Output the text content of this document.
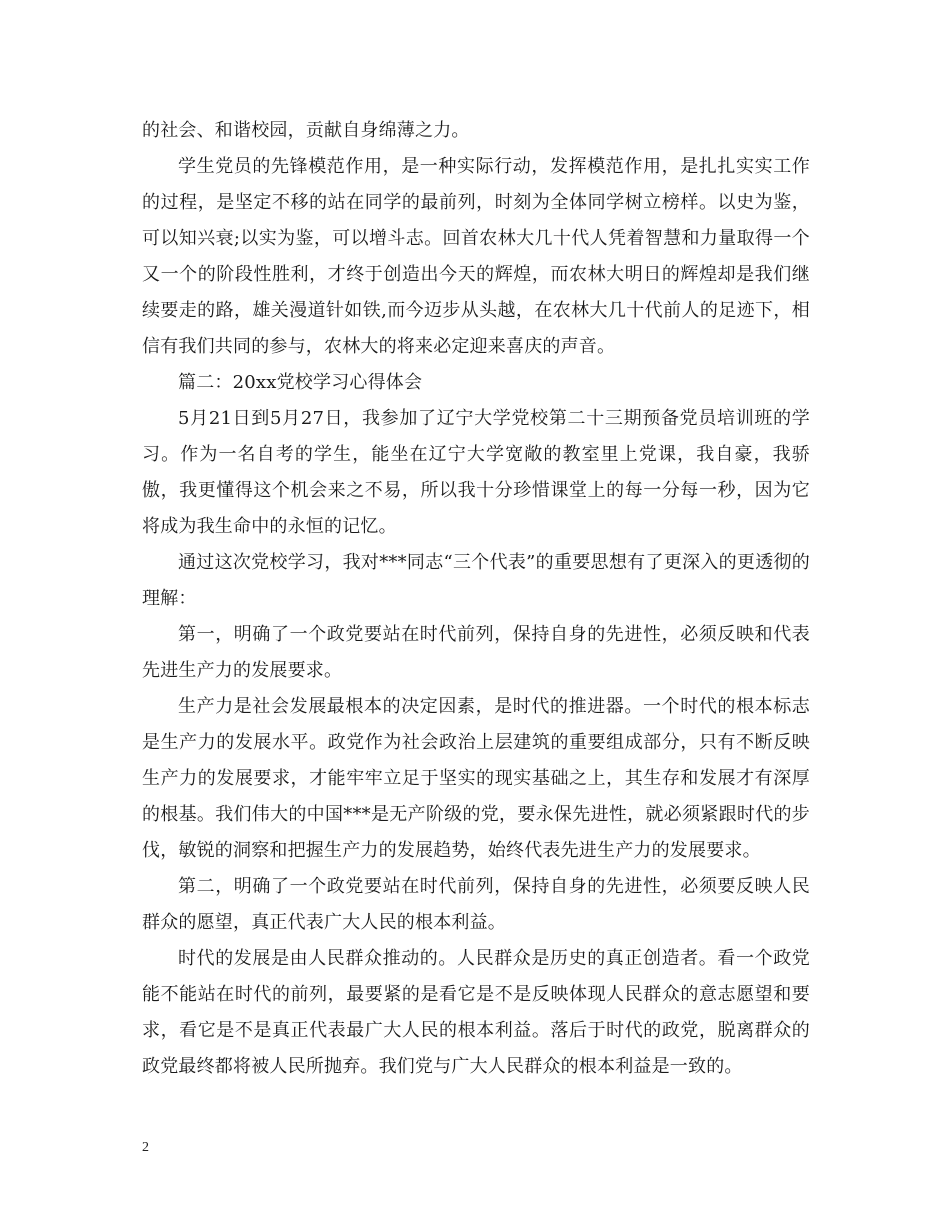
的社会、和谐校园，贡献自身绵薄之力。

学生党员的先锋模范作用，是一种实际行动，发挥模范作用，是扎扎实实工作的过程，是坚定不移的站在同学的最前列，时刻为全体同学树立榜样。以史为鉴，可以知兴衰;以实为鉴，可以增斗志。回首农林大几十代人凭着智慧和力量取得一个又一个的阶段性胜利，才终于创造出今天的辉煌，而农林大明日的辉煌却是我们继续要走的路，雄关漫道针如铁,而今迈步从头越，在农林大几十代前人的足迹下，相信有我们共同的参与，农林大的将来必定迎来喜庆的声音。

篇二：20xx党校学习心得体会

5月21日到5月27日，我参加了辽宁大学党校第二十三期预备党员培训班的学习。作为一名自考的学生，能坐在辽宁大学宽敞的教室里上党课，我自豪，我骄傲，我更懂得这个机会来之不易，所以我十分珍惜课堂上的每一分每一秒，因为它将成为我生命中的永恒的记忆。

通过这次党校学习，我对***同志“三个代表”的重要思想有了更深入的更透彻的理解：

第一，明确了一个政党要站在时代前列，保持自身的先进性，必须反映和代表先进生产力的发展要求。

生产力是社会发展最根本的决定因素，是时代的推进器。一个时代的根本标志是生产力的发展水平。政党作为社会政治上层建筑的重要组成部分，只有不断反映生产力的发展要求，才能牢牢立足于坚实的现实基础之上，其生存和发展才有深厚的根基。我们伟大的中国***是无产阶级的党，要永保先进性，就必须紧跟时代的步伐，敏锐的洞察和把握生产力的发展趋势，始终代表先进生产力的发展要求。

第二，明确了一个政党要站在时代前列，保持自身的先进性，必须要反映人民群众的愿望，真正代表广大人民的根本利益。

时代的发展是由人民群众推动的。人民群众是历史的真正创造者。看一个政党能不能站在时代的前列，最要紧的是看它是不是反映体现人民群众的意志愿望和要求，看它是不是真正代表最广大人民的根本利益。落后于时代的政党，脱离群众的政党最终都将被人民所抛弃。我们党与广大人民群众的根本利益是一致的。

2
